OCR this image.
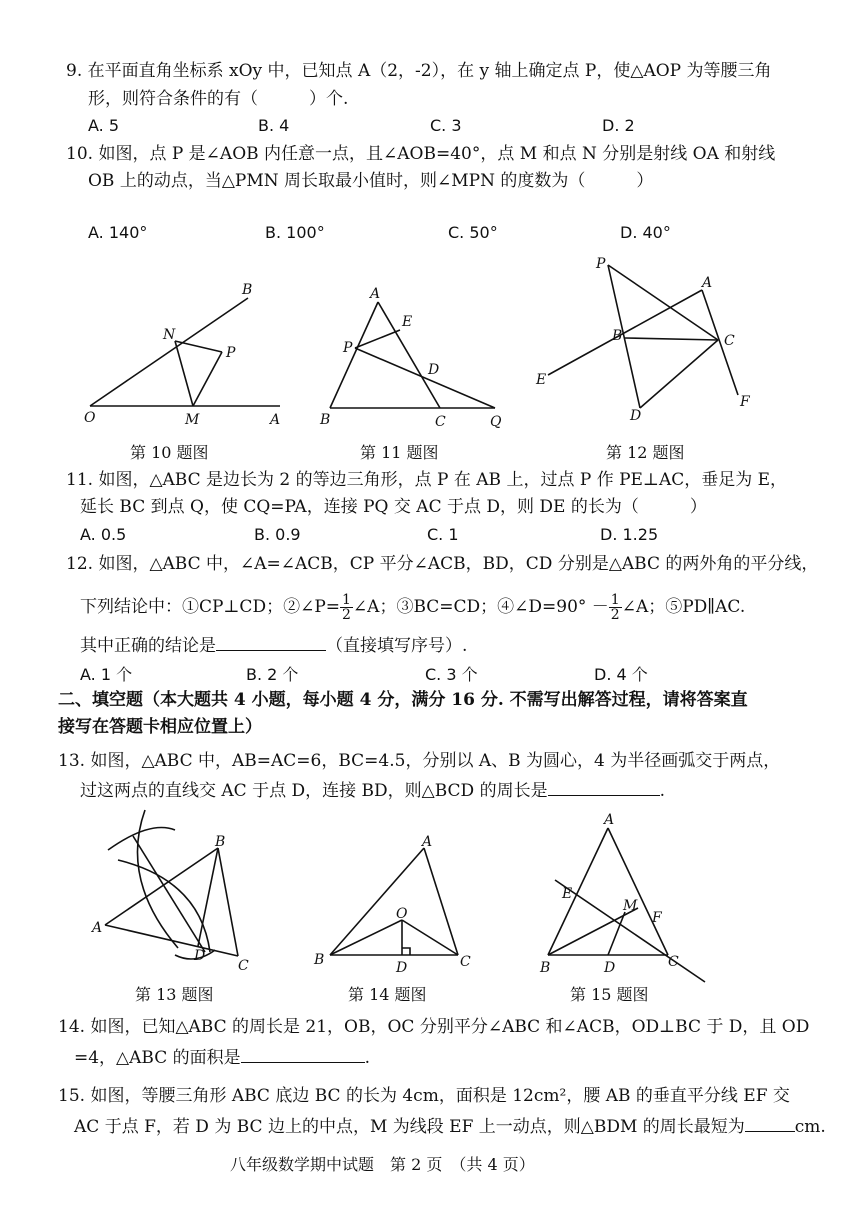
9. 在平面直角坐标系 xOy 中，已知点 A（2，-2），在 y 轴上确定点 P，使△AOP 为等腰三角
形，则符合条件的有（　　　）个.
A. 5	B. 4	C. 3	D. 2
10. 如图，点 P 是∠AOB 内任意一点，且∠AOB=40°，点 M 和点 N 分别是射线 OA 和射线
OB 上的动点，当△PMN 周长取最小值时，则∠MPN 的度数为（　　　）
A. 140°	B. 100°	C. 50°	D. 40°
B
N
P
O	M	A
A
E
P
D
B	C	Q
P
A
B	C
E
D
F
第 10 题图	第 11 题图	第 12 题图
11. 如图，△ABC 是边长为 2 的等边三角形，点 P 在 AB 上，过点 P 作 PE⊥AC，垂足为 E，
延长 BC 到点 Q，使 CQ=PA，连接 PQ 交 AC 于点 D，则 DE 的长为（　　　）
A. 0.5	B. 0.9	C. 1	D. 1.25
12. 如图，△ABC 中，∠A=∠ACB，CP 平分∠ACB，BD，CD 分别是△ABC 的两外角的平分线，
下列结论中：①CP⊥CD；②∠P= $\frac{1}{2}$ ∠A；③BC=CD；④∠D=90° － $\frac{1}{2}$ ∠A；⑤PD∥AC.
其中正确的结论是	（直接填写序号）.
A. 1 个	B. 2 个	C. 3 个	D. 4 个
二、填空题（本大题共 4 小题，每小题 4 分，满分 16 分. 不需写出解答过程，请将答案直
接写在答题卡相应位置上）
13. 如图，△ABC 中，AB=AC=6，BC=4.5，分别以 A、B 为圆心，4 为半径画弧交于两点，
过这两点的直线交 AC 于点 D，连接 BD，则△BCD 的周长是	.
B
A
D
C
A
O
B	D	C
A
E
M
F
B	D	C
第 13 题图	第 14 题图	第 15 题图
14. 如图，已知△ABC 的周长是 21，OB，OC 分别平分∠ABC 和∠ACB，OD⊥BC 于 D，且 OD
=4，△ABC 的面积是	.
15. 如图，等腰三角形 ABC 底边 BC 的长为 4cm，面积是 12cm²，腰 AB 的垂直平分线 EF 交
AC 于点 F，若 D 为 BC 边上的中点，M 为线段 EF 上一动点，则△BDM 的周长最短为	cm.
八年级数学期中试题　第 2 页　（共 4 页）
